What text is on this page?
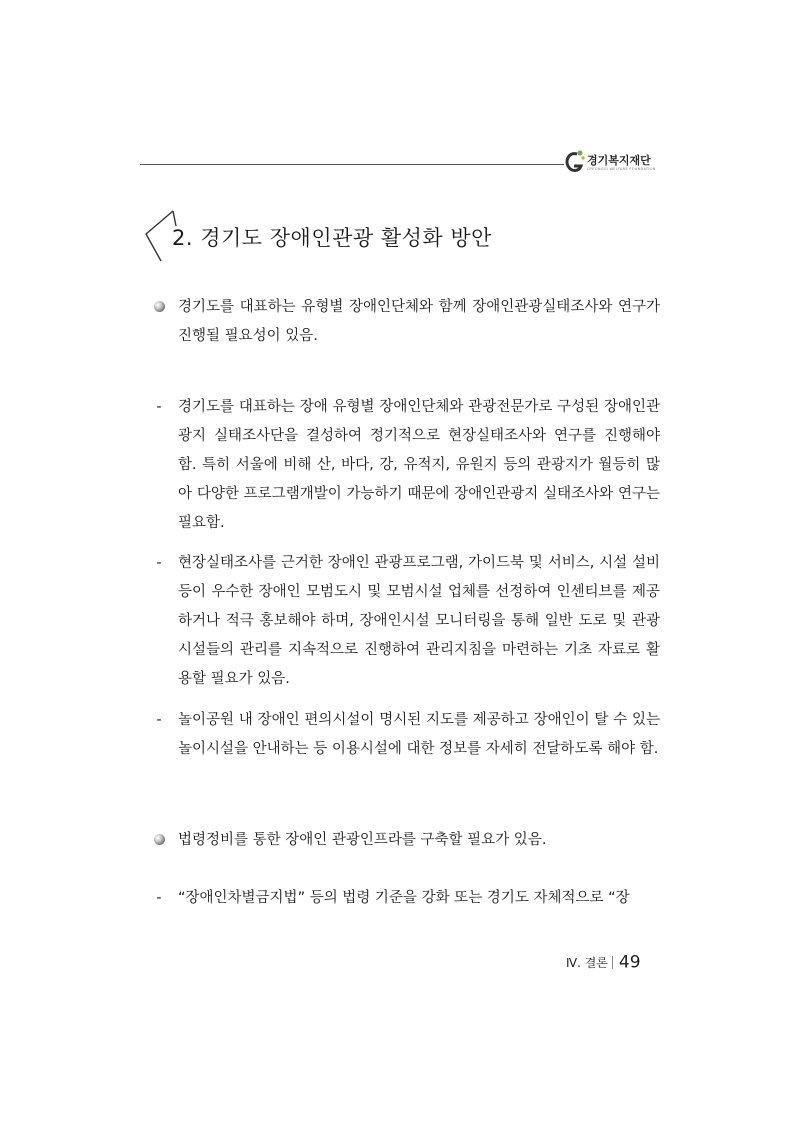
경기복지재단
GYEONGGI WELFARE FOUNDATION
2. 경기도 장애인관광 활성화 방안
경기도를 대표하는 유형별 장애인단체와 함께 장애인관광실태조사와 연구가 진행될 필요성이 있음.
-	경기도를 대표하는 장애 유형별 장애인단체와 관광전문가로 구성된 장애인관광지 실태조사단을 결성하여 정기적으로 현장실태조사와 연구를 진행해야 함. 특히 서울에 비해 산, 바다, 강, 유적지, 유원지 등의 관광지가 월등히 많아 다양한 프로그램개발이 가능하기 때문에 장애인관광지 실태조사와 연구는 필요함.
-	현장실태조사를 근거한 장애인 관광프로그램, 가이드북 및 서비스, 시설 설비 등이 우수한 장애인 모범도시 및 모범시설 업체를 선정하여 인센티브를 제공하거나 적극 홍보해야 하며, 장애인시설 모니터링을 통해 일반 도로 및 관광시설들의 관리를 지속적으로 진행하여 관리지침을 마련하는 기초 자료로 활용할 필요가 있음.
-	놀이공원 내 장애인 편의시설이 명시된 지도를 제공하고 장애인이 탈 수 있는 놀이시설을 안내하는 등 이용시설에 대한 정보를 자세히 전달하도록 해야 함.
법령정비를 통한 장애인 관광인프라를 구축할 필요가 있음.
-	“장애인차별금지법” 등의 법령 기준을 강화 또는 경기도 자체적으로 “장
Ⅳ. 결론 49
